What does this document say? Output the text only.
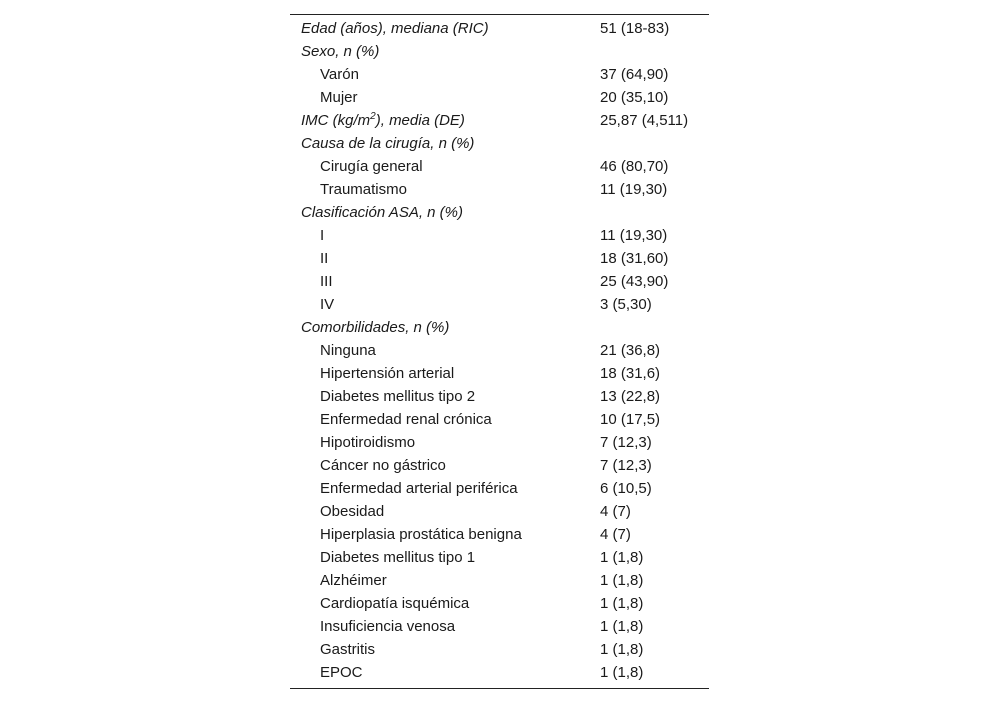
Edad (años), mediana (RIC)	51 (18-83)
Sexo, n (%)	
Varón	37 (64,90)
Mujer	20 (35,10)
IMC $(kg/m^2)$, media (DE)	25,87 (4,511)
Causa de la cirugía, n (%)	
Cirugía general	46 (80,70)
Traumatismo	11 (19,30)
Clasificación ASA, n (%)	
I	11 (19,30)
II	18 (31,60)
III	25 (43,90)
IV	3 (5,30)
Comorbilidades, n (%)	
Ninguna	21 (36,8)
Hipertensión arterial	18 (31,6)
Diabetes mellitus tipo 2	13 (22,8)
Enfermedad renal crónica	10 (17,5)
Hipotiroidismo	7 (12,3)
Cáncer no gástrico	7 (12,3)
Enfermedad arterial periférica	6 (10,5)
Obesidad	4 (7)
Hiperplasia prostática benigna	4 (7)
Diabetes mellitus tipo 1	1 (1,8)
Alzhéimer	1 (1,8)
Cardiopatía isquémica	1 (1,8)
Insuficiencia venosa	1 (1,8)
Gastritis	1 (1,8)
EPOC	1 (1,8)
